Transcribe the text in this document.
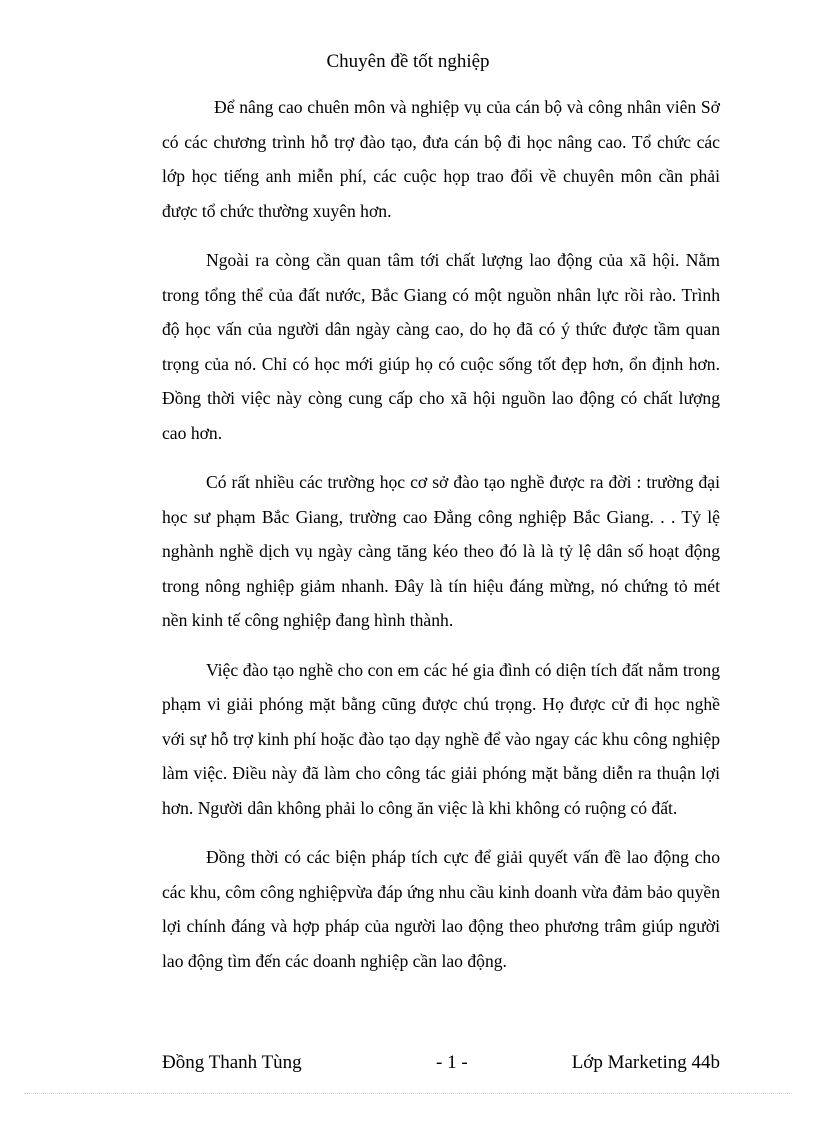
Chuyên đề tốt nghiệp

Để nâng cao chuên môn và nghiệp vụ của cán bộ và công nhân viên Sở có các chương trình hỗ trợ đào tạo, đưa cán bộ đi học nâng cao. Tổ chức các lớp học tiếng anh miễn phí, các cuộc họp trao đổi về chuyên môn cần phải được tổ chức thường xuyên hơn.

Ngoài ra còng cần quan tâm tới chất lượng lao động của xã hội. Nằm trong tổng thể của đất nước, Bắc Giang có một nguồn nhân lực rồi rào. Trình độ học vấn của người dân ngày càng cao, do họ đã có ý thức được tầm quan trọng của nó. Chỉ có học mới giúp họ có cuộc sống tốt đẹp hơn, ổn định hơn. Đồng thời việc này còng cung cấp cho xã hội nguồn lao động có chất lượng cao hơn.

Có rất nhiều các trường học cơ sở đào tạo nghề được ra đời : trường đại học sư phạm Bắc Giang, trường cao Đẳng công nghiệp Bắc Giang. . . Tỷ lệ nghành nghề dịch vụ ngày càng tăng kéo theo đó là là tỷ lệ dân số hoạt động trong nông nghiệp giảm nhanh. Đây là tín hiệu đáng mừng, nó chứng tỏ mét nền kinh tế công nghiệp đang hình thành.

Việc đào tạo nghề cho con em các hé gia đình có diện tích đất nằm trong phạm vi giải phóng mặt bằng cũng được chú trọng. Họ được cử đi học nghề với sự hỗ trợ kinh phí hoặc đào tạo dạy nghề để vào ngay các khu công nghiệp làm việc. Điều này đã làm cho công tác giải phóng mặt bằng diễn ra thuận lợi hơn. Người dân không phải lo công ăn việc là khi không có ruộng có đất.

Đồng thời có các biện pháp tích cực để giải quyết vấn đề lao động cho các khu, côm công nghiệpvừa đáp ứng nhu cầu kinh doanh vừa đảm bảo quyền lợi chính đáng và hợp pháp của người lao động theo phương trâm giúp người lao động tìm đến các doanh nghiệp cần lao động.

Đồng Thanh Tùng	- 1 -	Lớp Marketing 44b
